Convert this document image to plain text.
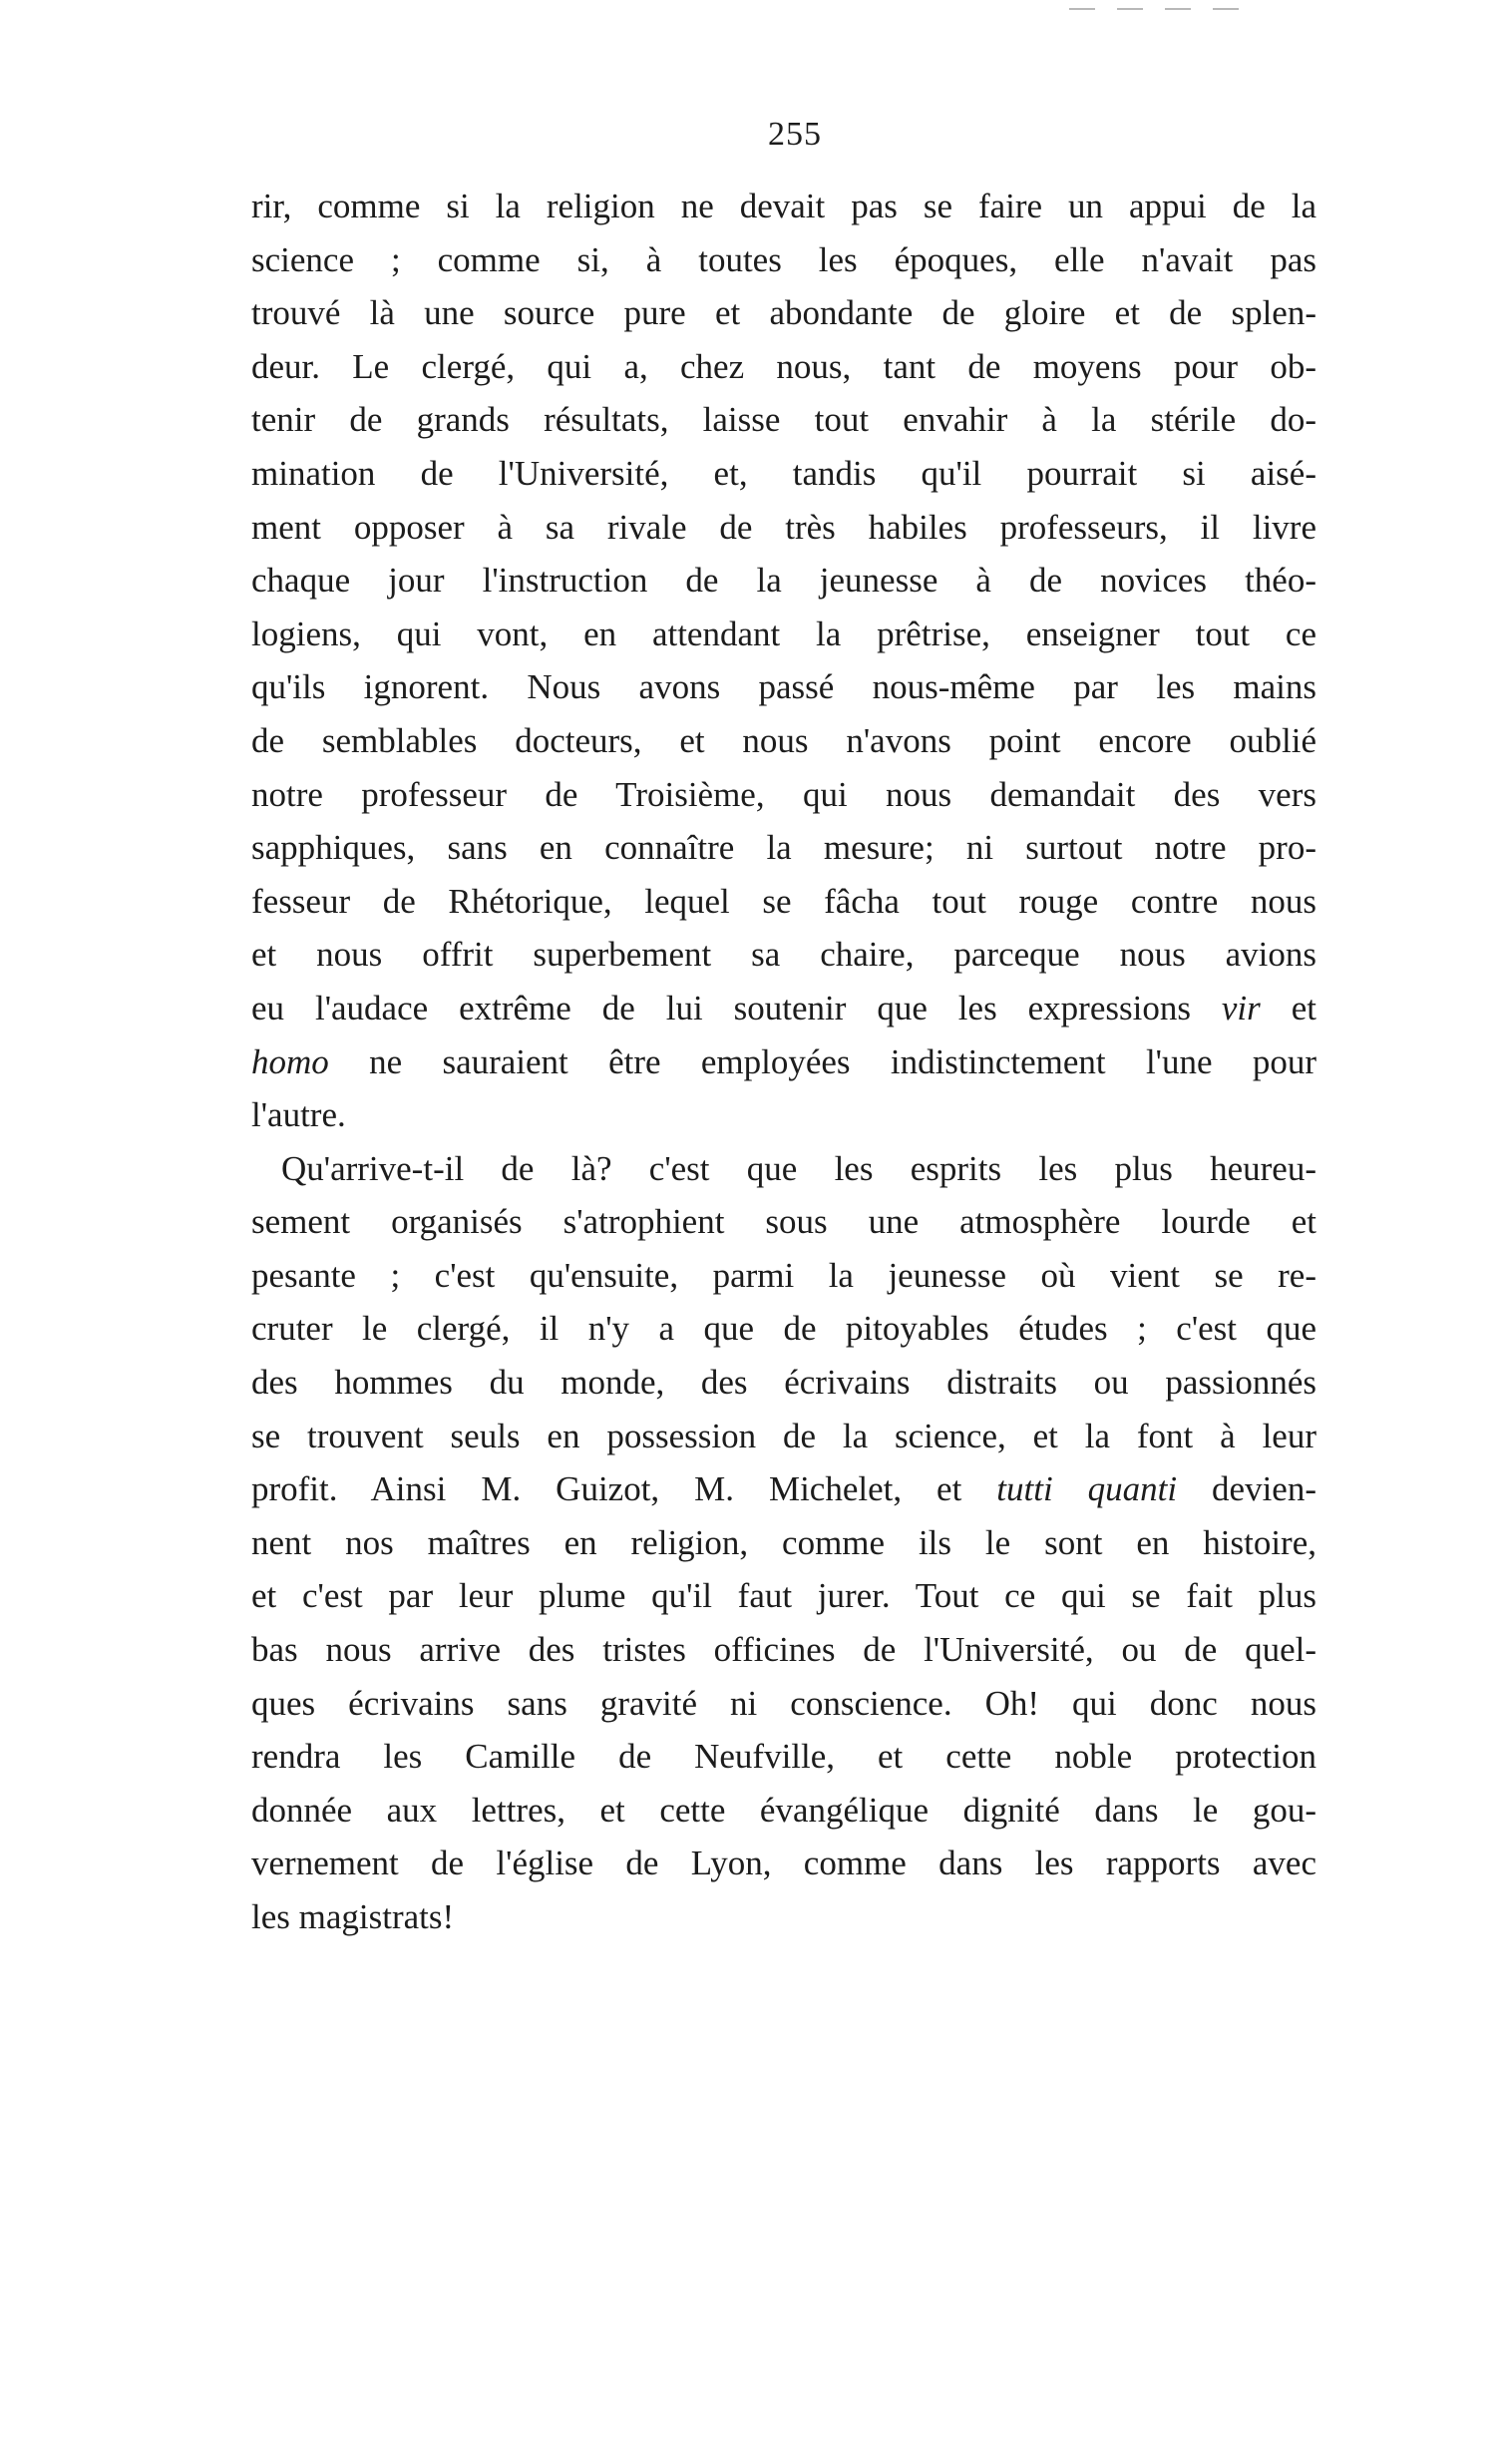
255
rir, comme si la religion ne devait pas se faire un appui de la
science ; comme si, à toutes les époques, elle n'avait pas
trouvé là une source pure et abondante de gloire et de splen-
deur. Le clergé, qui a, chez nous, tant de moyens pour ob-
tenir de grands résultats, laisse tout envahir à la stérile do-
mination de l'Université, et, tandis qu'il pourrait si aisé-
ment opposer à sa rivale de très habiles professeurs, il livre
chaque jour l'instruction de la jeunesse à de novices théo-
logiens, qui vont, en attendant la prêtrise, enseigner tout ce
qu'ils ignorent. Nous avons passé nous-même par les mains
de semblables docteurs, et nous n'avons point encore oublié
notre professeur de Troisième, qui nous demandait des vers
sapphiques, sans en connaître la mesure; ni surtout notre pro-
fesseur de Rhétorique, lequel se fâcha tout rouge contre nous
et nous offrit superbement sa chaire, parceque nous avions
eu l'audace extrême de lui soutenir que les expressions vir et
homo ne sauraient être employées indistinctement l'une pour
l'autre.
Qu'arrive-t-il de là? c'est que les esprits les plus heureu-
sement organisés s'atrophient sous une atmosphère lourde et
pesante ; c'est qu'ensuite, parmi la jeunesse où vient se re-
cruter le clergé, il n'y a que de pitoyables études ; c'est que
des hommes du monde, des écrivains distraits ou passionnés
se trouvent seuls en possession de la science, et la font à leur
profit. Ainsi M. Guizot, M. Michelet, et tutti quanti devien-
nent nos maîtres en religion, comme ils le sont en histoire,
et c'est par leur plume qu'il faut jurer. Tout ce qui se fait plus
bas nous arrive des tristes officines de l'Université, ou de quel-
ques écrivains sans gravité ni conscience. Oh! qui donc nous
rendra les Camille de Neufville, et cette noble protection
donnée aux lettres, et cette évangélique dignité dans le gou-
vernement de l'église de Lyon, comme dans les rapports avec
les magistrats!
